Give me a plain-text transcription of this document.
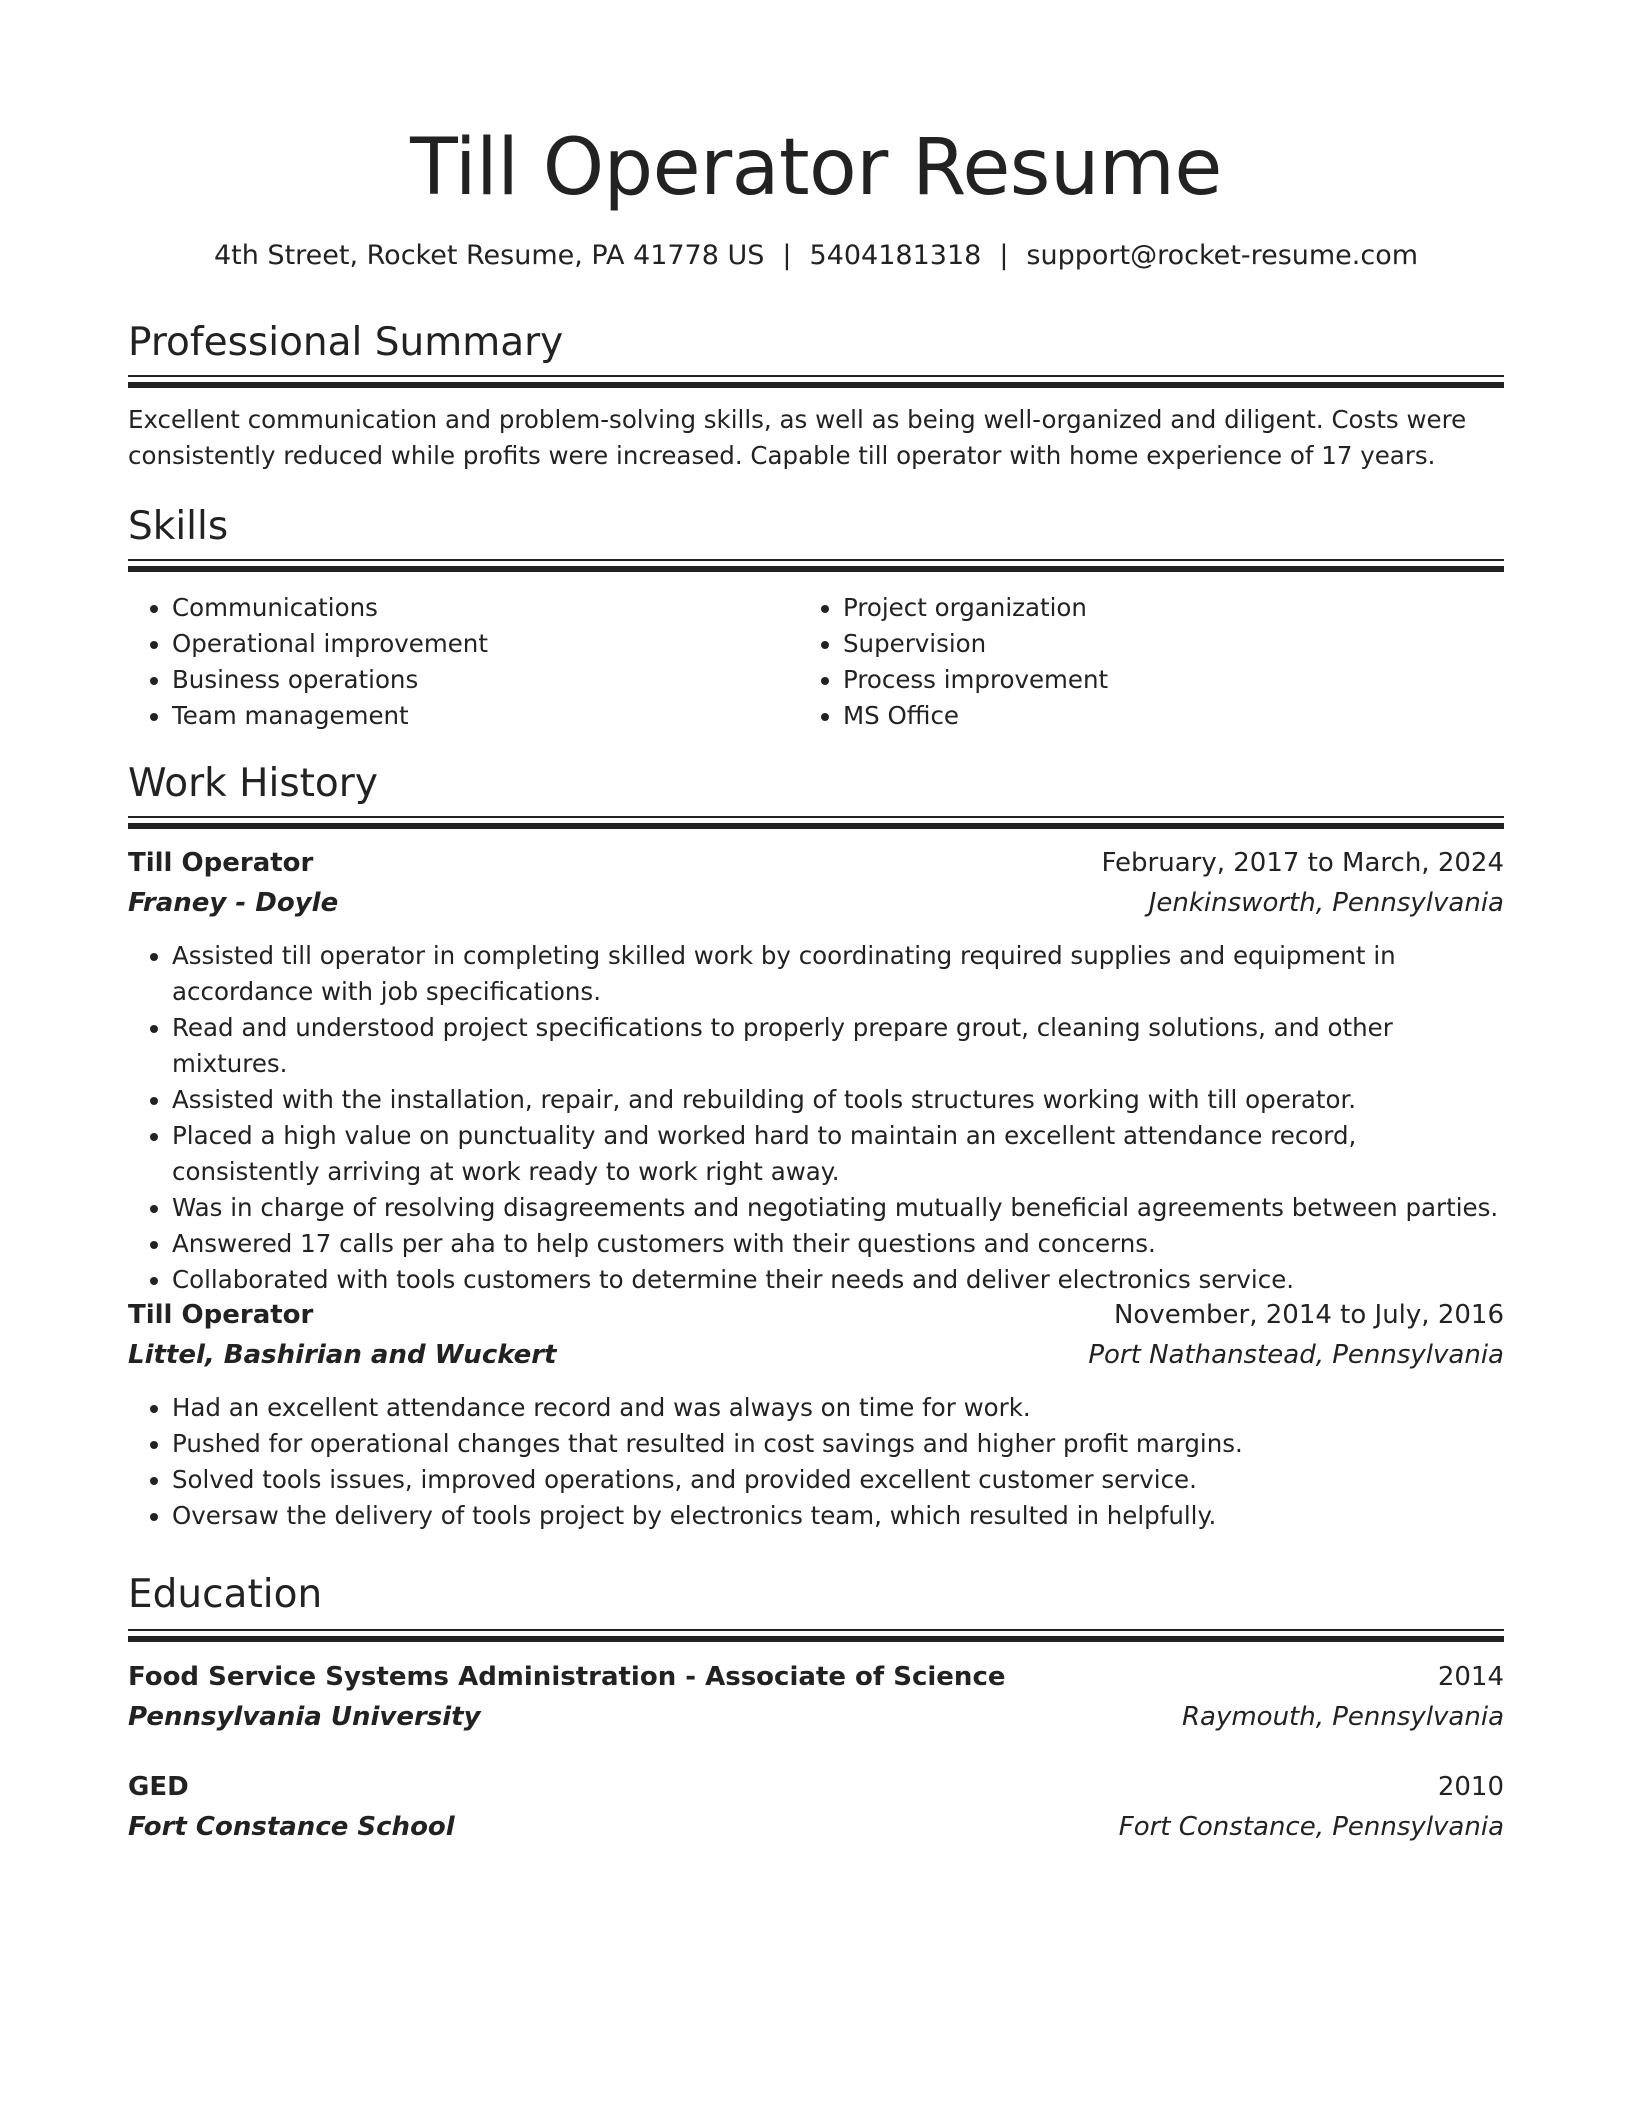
Till Operator Resume
4th Street, Rocket Resume, PA 41778 US | 5404181318 | support@rocket-resume.com
Professional Summary

Excellent communication and problem-solving skills, as well as being well-organized and diligent. Costs were consistently reduced while profits were increased. Capable till operator with home experience of 17 years.

Skills
• Communications
• Operational improvement
• Business operations
• Team management
• Project organization
• Supervision
• Process improvement
• MS Office
Work History
Till Operator	February, 2017 to March, 2024
Franey - Doyle	Jenkinsworth, Pennsylvania
• Assisted till operator in completing skilled work by coordinating required supplies and equipment in accordance with job specifications.
• Read and understood project specifications to properly prepare grout, cleaning solutions, and other mixtures.
• Assisted with the installation, repair, and rebuilding of tools structures working with till operator.
• Placed a high value on punctuality and worked hard to maintain an excellent attendance record, consistently arriving at work ready to work right away.
• Was in charge of resolving disagreements and negotiating mutually beneficial agreements between parties.
• Answered 17 calls per aha to help customers with their questions and concerns.
• Collaborated with tools customers to determine their needs and deliver electronics service.
Till Operator	November, 2014 to July, 2016
Littel, Bashirian and Wuckert	Port Nathanstead, Pennsylvania
• Had an excellent attendance record and was always on time for work.
• Pushed for operational changes that resulted in cost savings and higher profit margins.
• Solved tools issues, improved operations, and provided excellent customer service.
• Oversaw the delivery of tools project by electronics team, which resulted in helpfully.
Education
Food Service Systems Administration - Associate of Science	2014
Pennsylvania University	Raymouth, Pennsylvania
GED	2010
Fort Constance School	Fort Constance, Pennsylvania
